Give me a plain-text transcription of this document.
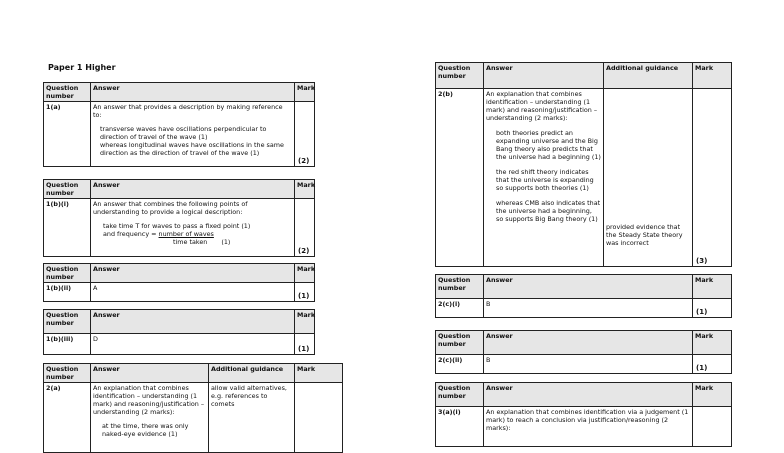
Paper 1 Higher
Question number	Answer	Mark
1(a)	An answer that provides a description by making reference to:
transverse waves have oscillations perpendicular to direction of travel of the wave (1)
whereas longitudinal waves have oscillations in the same direction as the direction of travel of the wave (1)	(2)
Question number	Answer	Mark
1(b)(i)	An answer that combines the following points of understanding to provide a logical description:
take time T for waves to pass a fixed point (1)
and frequency = number of waves
time taken (1)	(2)
Question number	Answer	Mark
1(b)(ii)	A	(1)
Question number	Answer	Mark
1(b)(iii)	D	(1)
Question number	Answer	Additional guidance	Mark
2(a)	An explanation that combines identification – understanding (1 mark) and reasoning/justification – understanding (2 marks):
at the time, there was only naked-eye evidence (1)	allow valid alternatives, e.g. references to comets	
Question number	Answer	Additional guidance	Mark
2(b)	An explanation that combines identification – understanding (1 mark) and reasoning/justification – understanding (2 marks):
both theories predict an expanding universe and the Big Bang theory also predicts that the universe had a beginning (1)
the red shift theory indicates that the universe is expanding so supports both theories (1)
whereas CMB also indicates that the universe had a beginning, so supports Big Bang theory (1)	provided evidence that the Steady State theory was incorrect	(3)
Question number	Answer	Mark
2(c)(i)	B	(1)
Question number	Answer	Mark
2(c)(ii)	B	(1)
Question number	Answer	Mark
3(a)(i)	An explanation that combines identification via a judgement (1 mark) to reach a conclusion via justification/reasoning (2 marks):	
